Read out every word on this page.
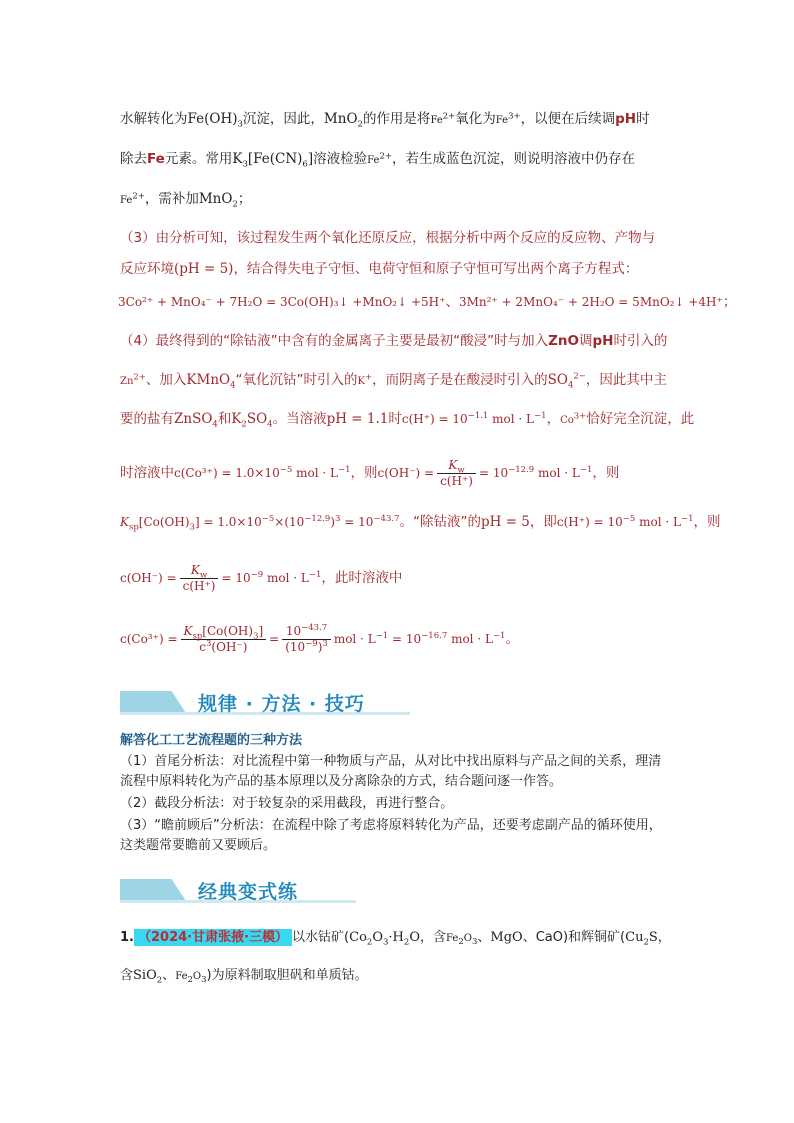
水解转化为$Fe(OH)_3$沉淀，因此，MnO$_2$的作用是将$Fe^{2+}$氧化为$Fe^{3+}$，以便在后续调pH时
除去Fe元素。常用$K_3[Fe(CN)_6]$溶液检验$Fe^{2+}$，若生成蓝色沉淀，则说明溶液中仍存在
$Fe^{2+}$，需补加MnO$_2$；
（3）由分析可知，该过程发生两个氧化还原反应，根据分析中两个反应的反应物、产物与
反应环境(pH = 5)，结合得失电子守恒、电荷守恒和原子守恒可写出两个离子方程式：
3Co²⁺ + MnO₄⁻ + 7H₂O = 3Co(OH)₃↓ +MnO₂↓ +5H⁺、3Mn²⁺ + 2MnO₄⁻ + 2H₂O = 5MnO₂↓ +4H⁺；
（4）最终得到的“除钴液”中含有的金属离子主要是最初“酸浸”时与加入ZnO调pH时引入的
$Zn^{2+}$、加入KMnO$_4$“氧化沉钴”时引入的K+，而阴离子是在酸浸时引入的$SO_4^{2-}$，因此其中主
要的盐有ZnSO$_4$和$K_2SO_4$。当溶液pH = 1.1时$c(H^+) = 10^{-1.1}$ mol · $L^{-1}$，$Co^{3+}$恰好完全沉淀，此
时溶液中$c(Co^{3+}) = 1.0\times 10^{-5}$ mol · $L^{-1}$，则$c(OH^-) = \frac{K_w}{c(H^+)} = 10^{-12.9}$ mol · $L^{-1}$，则
$K_{sp}[Co(OH)_3] = 1.0\times 10^{-5}\times(10^{-12.9})^3 = 10^{-43.7}$。“除钴液”的pH = 5，即$c(H^+) = 10^{-5}$ mol · $L^{-1}$，则
$c(OH^-) = \frac{K_w}{c(H^+)} = 10^{-9}$ mol · $L^{-1}$，此时溶液中
$c(Co^{3+}) = \frac{K_{sp}[Co(OH)_3]}{c^3(OH^-)} = \frac{10^{-43.7}}{(10^{-9})^3}$ mol · $L^{-1} = 10^{-16.7}$ mol · $L^{-1}$。
规律 · 方法 · 技巧
解答化工工艺流程题的三种方法
（1）首尾分析法：对比流程中第一种物质与产品，从对比中找出原料与产品之间的关系，理清流程中原料转化为产品的基本原理以及分离除杂的方式，结合题问逐一作答。
（2）截段分析法：对于较复杂的采用截段，再进行整合。
（3）“瞻前顾后”分析法：在流程中除了考虑将原料转化为产品，还要考虑副产品的循环使用，这类题常要瞻前又要顾后。
经典变式练
1. （2024·甘肃张掖·三模） 以水钴矿($Co_2O_3\cdot H_2O$，含$Fe_2O_3$、MgO、CaO)和辉铜矿($Cu_2S$，
含SiO$_2$、$Fe_2O_3$)为原料制取胆矾和单质钴。
